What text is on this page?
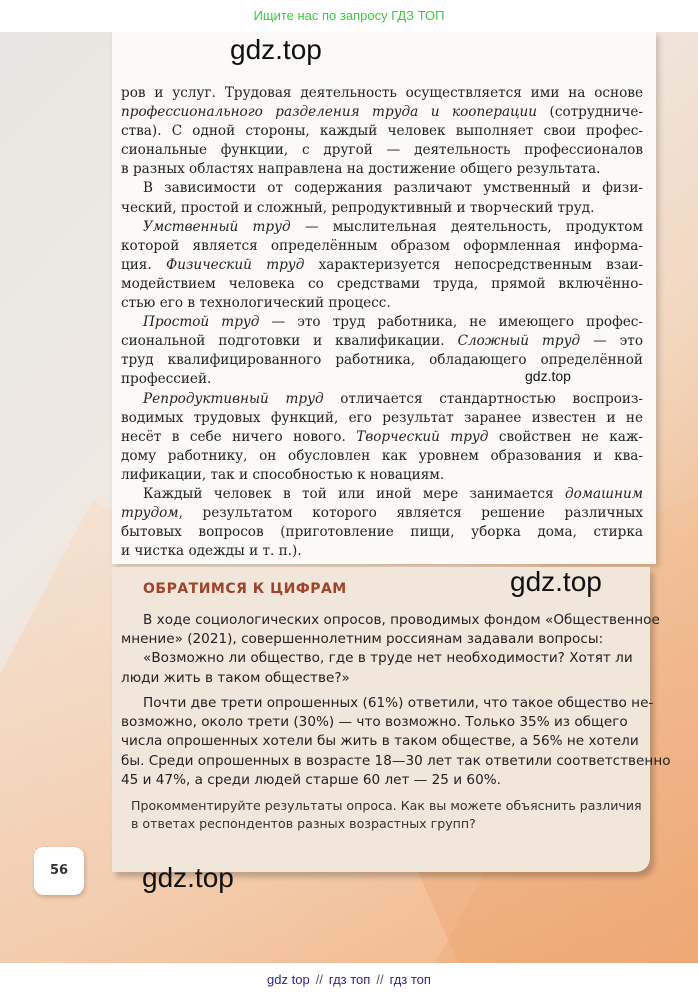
Ищите нас по запросу ГДЗ ТОП
gdz.top
gdz.top
gdz.top
gdz.top

ров и услуг. Трудовая деятельность осуществляется ими на основе
профессионального разделения труда и кооперации (сотрудниче-
ства). С одной стороны, каждый человек выполняет свои профес-
сиональные функции, с другой — деятельность профессионалов
в разных областях направлена на достижение общего результата.

В зависимости от содержания различают умственный и физи-
ческий, простой и сложный, репродуктивный и творческий труд.

Умственный труд — мыслительная деятельность, продуктом
которой является определённым образом оформленная информа-
ция. Физический труд характеризуется непосредственным взаи-
модействием человека со средствами труда, прямой включённо-
стью его в технологический процесс.

Простой труд — это труд работника, не имеющего профес-
сиональной подготовки и квалификации. Сложный труд — это
труд квалифицированного работника, обладающего определённой
профессией.

Репродуктивный труд отличается стандартностью воспроиз-
водимых трудовых функций, его результат заранее известен и не
несёт в себе ничего нового. Творческий труд свойствен не каж-
дому работнику, он обусловлен как уровнем образования и ква-
лификации, так и способностью к новациям.

Каждый человек в той или иной мере занимается домашним
трудом, результатом которого является решение различных
бытовых вопросов (приготовление пищи, уборка дома, стирка
и чистка одежды и т. п.).

ОБРАТИМСЯ К ЦИФРАМ
В ходе социологических опросов, проводимых фондом «Общественное
мнение» (2021), совершеннолетним россиянам задавали вопросы:
«Возможно ли общество, где в труде нет необходимости? Хотят ли
люди жить в таком обществе?»
Почти две трети опрошенных (61%) ответили, что такое общество не-
возможно, около трети (30%) — что возможно. Только 35% из общего
числа опрошенных хотели бы жить в таком обществе, а 56% не хотели
бы. Среди опрошенных в возрасте 18—30 лет так ответили соответственно
45 и 47%, а среди людей старше 60 лет — 25 и 60%.
Прокомментируйте результаты опроса. Как вы можете объяснить различия
в ответах респондентов разных возрастных групп?
56
gdz top // гдз топ // гдз топ
